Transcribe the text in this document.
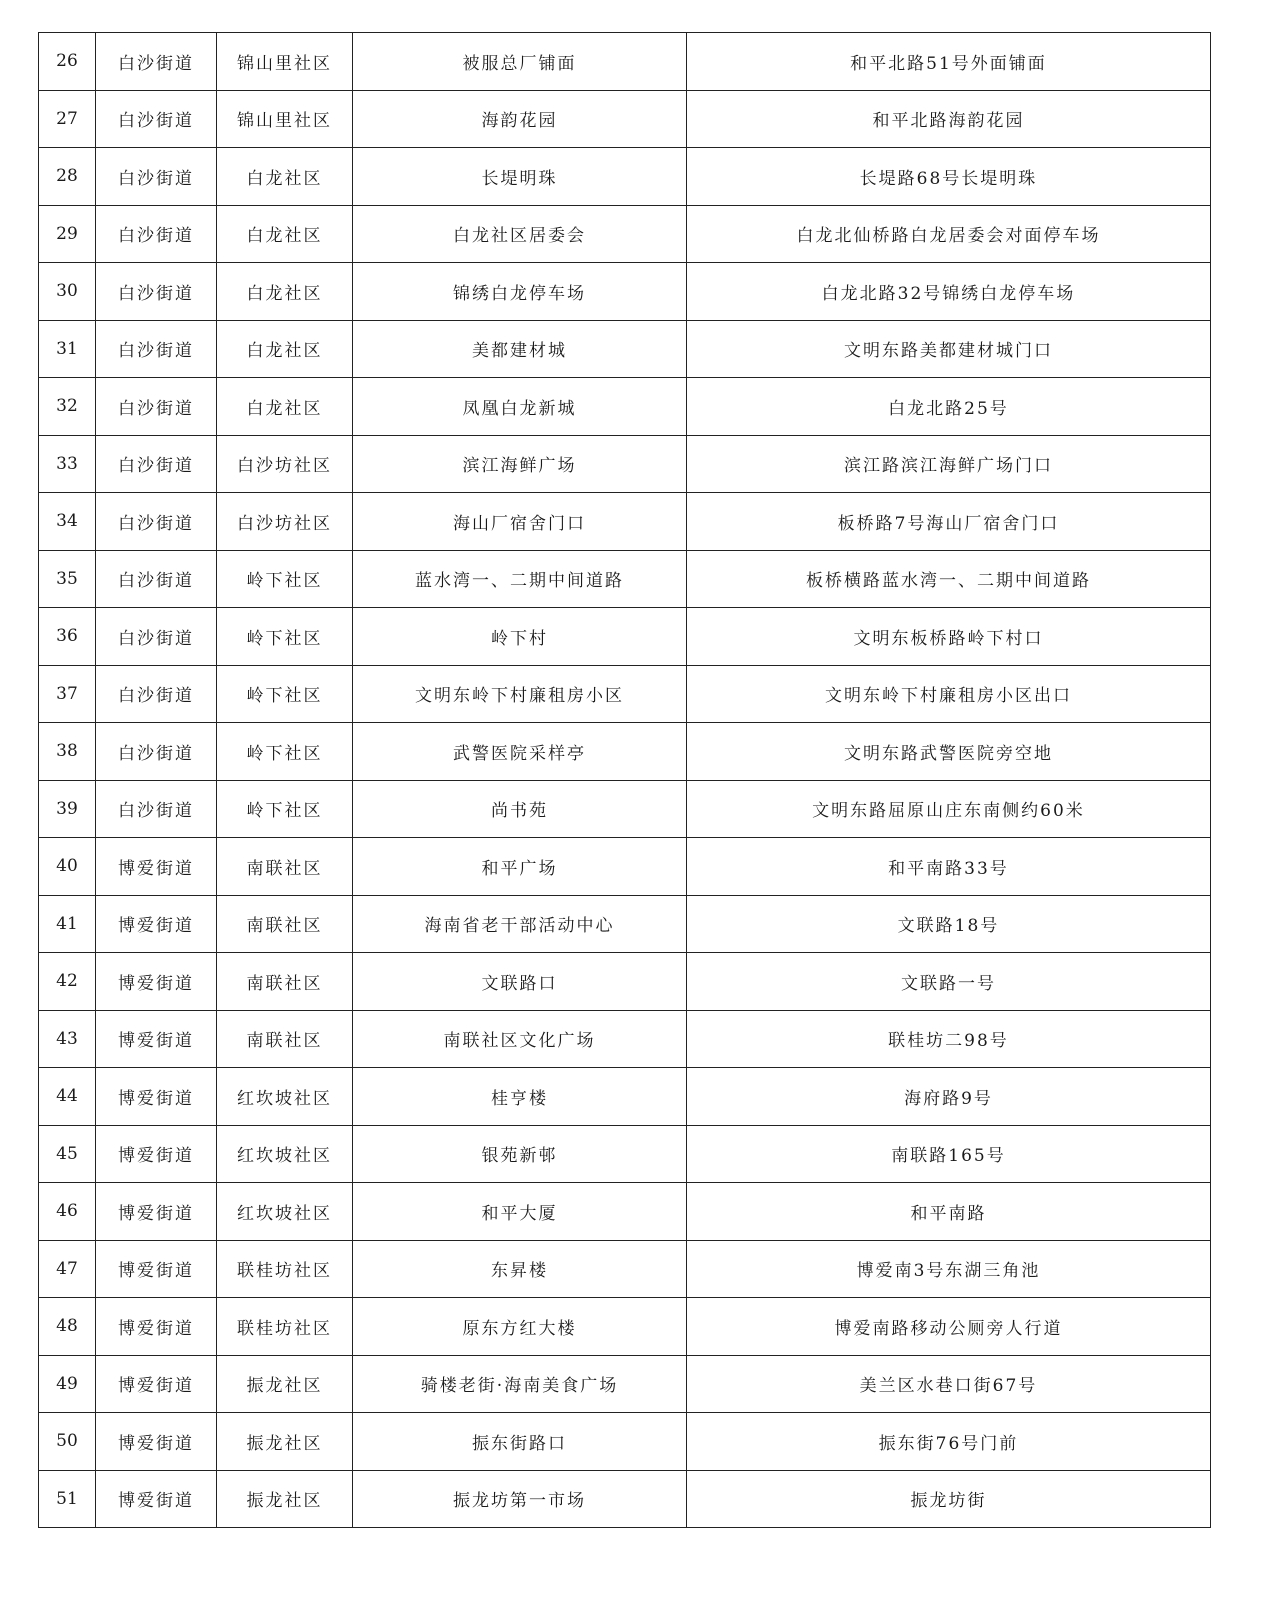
26	白沙街道	锦山里社区	被服总厂铺面	和平北路51号外面铺面
27	白沙街道	锦山里社区	海韵花园	和平北路海韵花园
28	白沙街道	白龙社区	长堤明珠	长堤路68号长堤明珠
29	白沙街道	白龙社区	白龙社区居委会	白龙北仙桥路白龙居委会对面停车场
30	白沙街道	白龙社区	锦绣白龙停车场	白龙北路32号锦绣白龙停车场
31	白沙街道	白龙社区	美都建材城	文明东路美都建材城门口
32	白沙街道	白龙社区	凤凰白龙新城	白龙北路25号
33	白沙街道	白沙坊社区	滨江海鲜广场	滨江路滨江海鲜广场门口
34	白沙街道	白沙坊社区	海山厂宿舍门口	板桥路7号海山厂宿舍门口
35	白沙街道	岭下社区	蓝水湾一、二期中间道路	板桥横路蓝水湾一、二期中间道路
36	白沙街道	岭下社区	岭下村	文明东板桥路岭下村口
37	白沙街道	岭下社区	文明东岭下村廉租房小区	文明东岭下村廉租房小区出口
38	白沙街道	岭下社区	武警医院采样亭	文明东路武警医院旁空地
39	白沙街道	岭下社区	尚书苑	文明东路屈原山庄东南侧约60米
40	博爱街道	南联社区	和平广场	和平南路33号
41	博爱街道	南联社区	海南省老干部活动中心	文联路18号
42	博爱街道	南联社区	文联路口	文联路一号
43	博爱街道	南联社区	南联社区文化广场	联桂坊二98号
44	博爱街道	红坎坡社区	桂亨楼	海府路9号
45	博爱街道	红坎坡社区	银苑新邨	南联路165号
46	博爱街道	红坎坡社区	和平大厦	和平南路
47	博爱街道	联桂坊社区	东昇楼	博爱南3号东湖三角池
48	博爱街道	联桂坊社区	原东方红大楼	博爱南路移动公厕旁人行道
49	博爱街道	振龙社区	骑楼老街·海南美食广场	美兰区水巷口街67号
50	博爱街道	振龙社区	振东街路口	振东街76号门前
51	博爱街道	振龙社区	振龙坊第一市场	振龙坊街
